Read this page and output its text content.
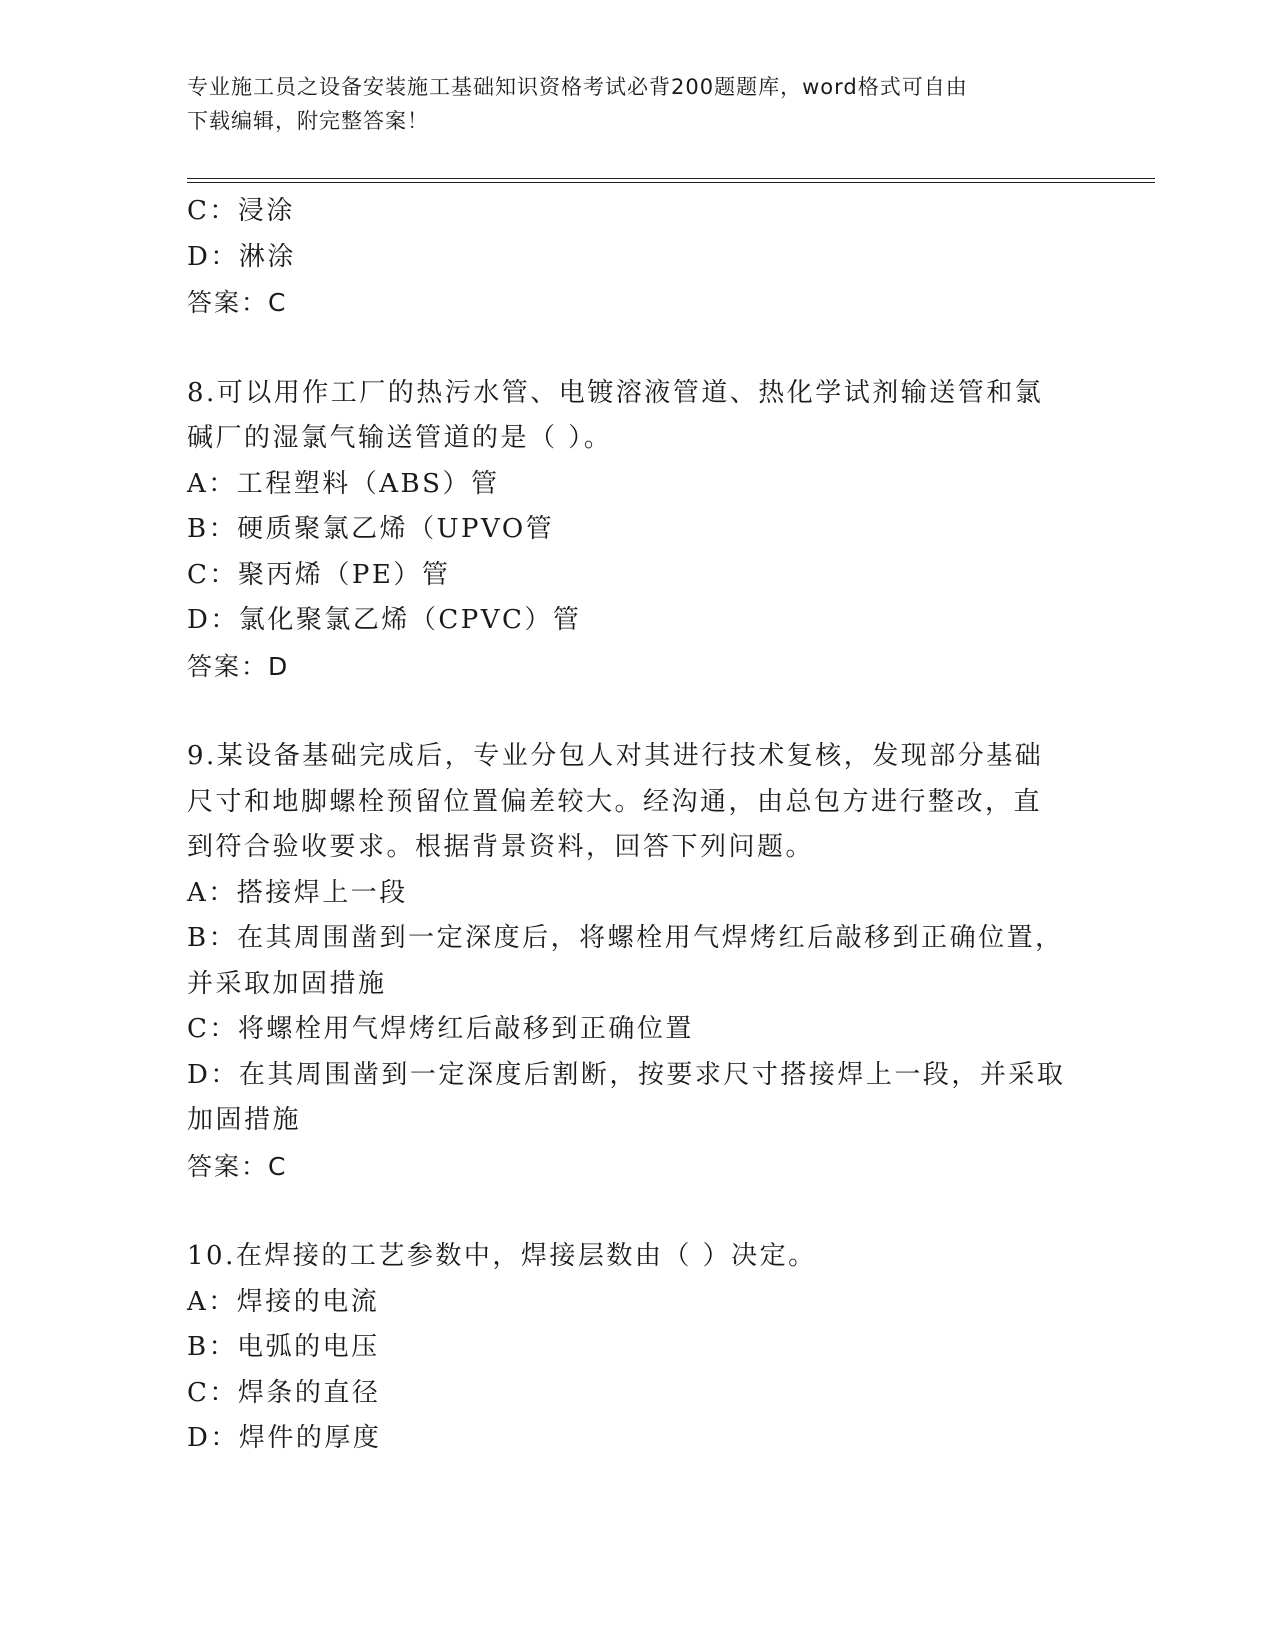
专业施工员之设备安装施工基础知识资格考试必背200题题库，word格式可自由
下载编辑，附完整答案！
C：浸涂
D：淋涂
答案：C
8.可以用作工厂的热污水管、电镀溶液管道、热化学试剂输送管和氯
碱厂的湿氯气输送管道的是（ ）。
A：工程塑料（ABS）管
B：硬质聚氯乙烯（UPVO管
C：聚丙烯（PE）管
D：氯化聚氯乙烯（CPVC）管
答案：D
9.某设备基础完成后，专业分包人对其进行技术复核，发现部分基础
尺寸和地脚螺栓预留位置偏差较大。经沟通，由总包方进行整改，直
到符合验收要求。根据背景资料，回答下列问题。
A：搭接焊上一段
B：在其周围凿到一定深度后，将螺栓用气焊烤红后敲移到正确位置，
并采取加固措施
C：将螺栓用气焊烤红后敲移到正确位置
D：在其周围凿到一定深度后割断，按要求尺寸搭接焊上一段，并采取
加固措施
答案：C
10.在焊接的工艺参数中，焊接层数由（ ）决定。
A：焊接的电流
B：电弧的电压
C：焊条的直径
D：焊件的厚度
